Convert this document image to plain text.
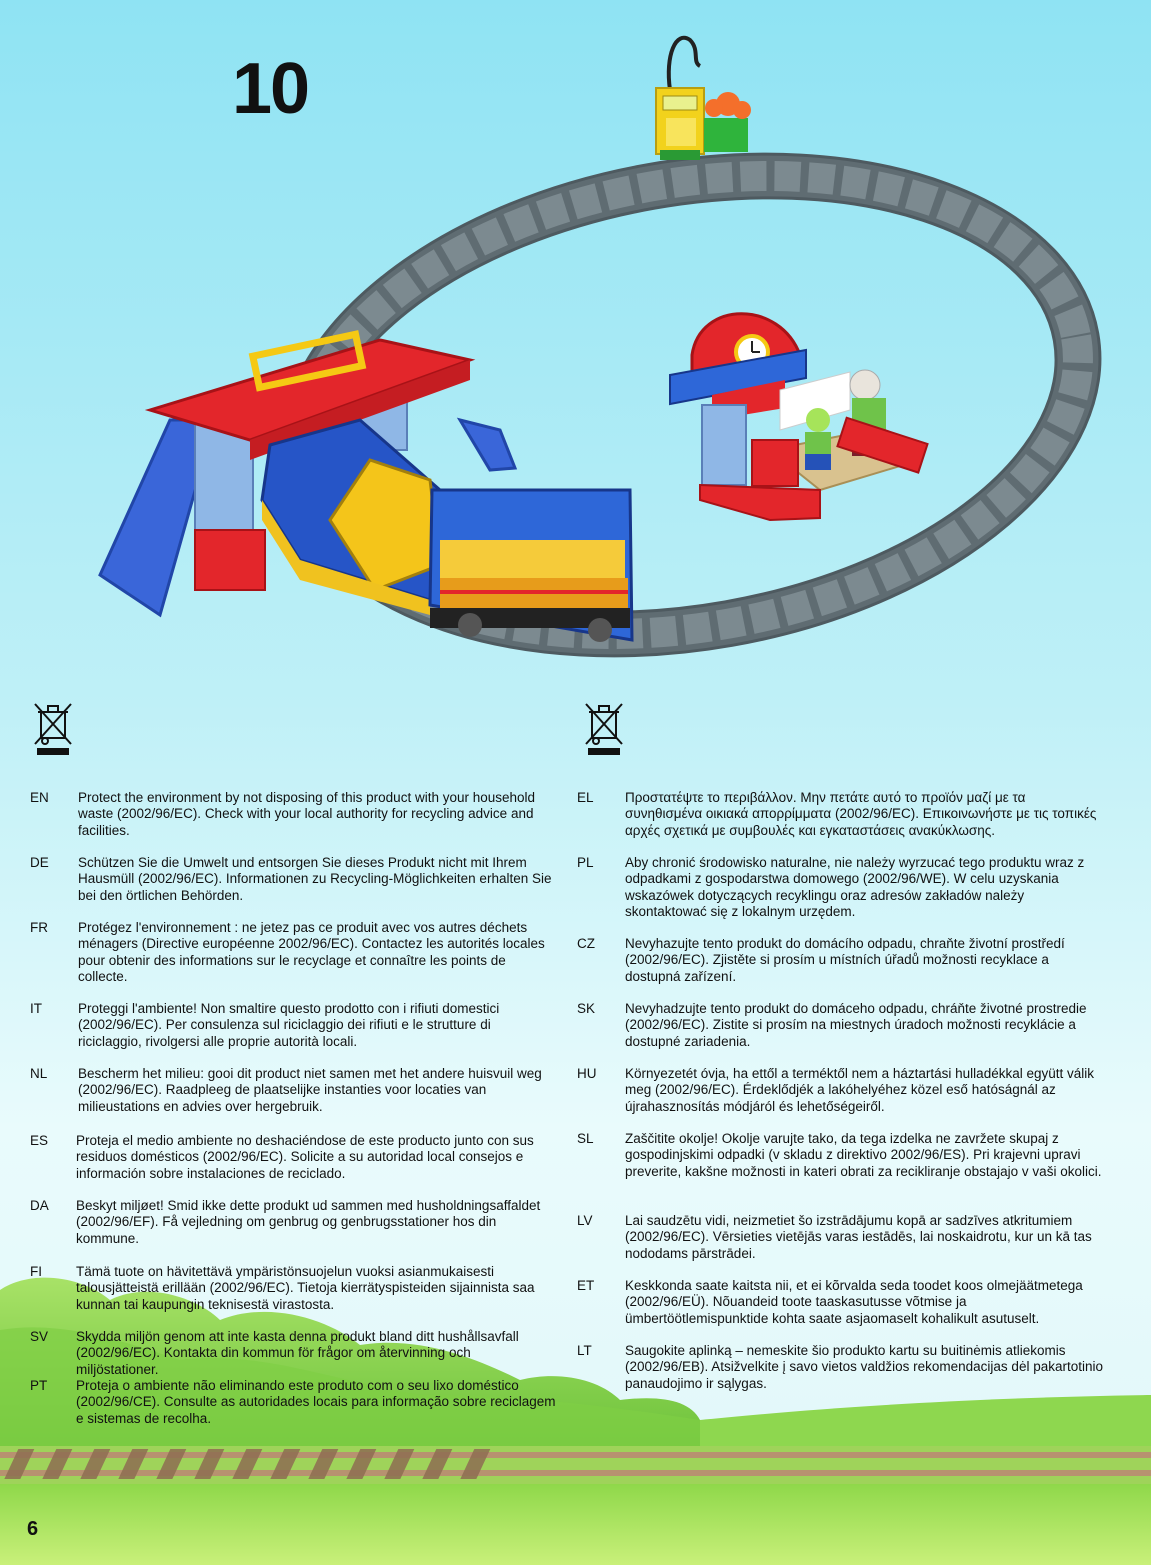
10
EN Protect the environment by not disposing of this product with your household waste (2002/96/EC). Check with your local authority for recycling advice and facilities.
DE Schützen Sie die Umwelt und entsorgen Sie dieses Produkt nicht mit Ihrem Hausmüll (2002/96/EC). Informationen zu Recycling-Möglichkeiten erhalten Sie bei den örtlichen Behörden.
FR Protégez l'environnement : ne jetez pas ce produit avec vos autres déchets ménagers (Directive européenne 2002/96/EC). Contactez les autorités locales pour obtenir des informations sur le recyclage et connaître les points de collecte.
IT	Proteggi l'ambiente! Non smaltire questo prodotto con i rifiuti domestici (2002/96/EC). Per consulenza sul riciclaggio dei rifiuti e le strutture di riciclaggio, rivolgersi alle proprie autorità locali.
NL Bescherm het milieu: gooi dit product niet samen met het andere huisvuil weg (2002/96/EC). Raadpleeg de plaatselijke instanties voor locaties van milieustations en advies over hergebruik.
ES Proteja el medio ambiente no deshaciéndose de este producto junto con sus residuos domésticos (2002/96/EC). Solicite a su autoridad local consejos e información sobre instalaciones de reciclado.
DA Beskyt miljøet! Smid ikke dette produkt ud sammen med husholdningsaffaldet (2002/96/EF). Få vejledning om genbrug og genbrugsstationer hos din kommune.
FI	Tämä tuote on hävitettävä ympäristönsuojelun vuoksi asianmukaisesti talousjätteistä erillään (2002/96/EC). Tietoja kierrätyspisteiden sijainnista saa kunnan tai kaupungin teknisestä virastosta.
SV Skydda miljön genom att inte kasta denna produkt bland ditt hushållsavfall (2002/96/EC). Kontakta din kommun för frågor om återvinning och miljöstationer.
PT Proteja o ambiente não eliminando este produto com o seu lixo doméstico (2002/96/CE). Consulte as autoridades locais para informação sobre reciclagem e sistemas de recolha.
EL Προστατέψτε το περιβάλλον. Μην πετάτε αυτό το προϊόν μαζί με τα συνηθισμένα οικιακά απορρίμματα (2002/96/EC). Επικοινωνήστε με τις τοπικές αρχές σχετικά με συμβουλές και εγκαταστάσεις ανακύκλωσης.
PL Aby chronić środowisko naturalne, nie należy wyrzucać tego produktu wraz z odpadkami z gospodarstwa domowego (2002/96/WE). W celu uzyskania wskazówek dotyczących recyklingu oraz adresów zakładów należy skontaktować się z lokalnym urzędem.
CZ Nevyhazujte tento produkt do domácího odpadu, chraňte životní prostředí (2002/96/EC). Zjistěte si prosím u místních úřadů možnosti recyklace a dostupná zařízení.
SK Nevyhadzujte tento produkt do domáceho odpadu, chráňte životné prostredie (2002/96/EC). Zistite si prosím na miestnych úradoch možnosti recyklácie a dostupné zariadenia.
HU Környezetét óvja, ha ettől a terméktől nem a háztartási hulladékkal együtt válik meg (2002/96/EC). Érdeklődjék a lakóhelyéhez közel eső hatóságnál az újrahasznosítás módjáról és lehetőségeiről.
SL Zaščitite okolje! Okolje varujte tako, da tega izdelka ne zavržete skupaj z gospodinjskimi odpadki (v skladu z direktivo 2002/96/ES). Pri krajevni upravi preverite, kakšne možnosti in kateri obrati za recikliranje obstajajo v vaši okolici.
LV Lai saudzētu vidi, neizmetiet šo izstrādājumu kopā ar sadzīves atkritumiem (2002/96/EC). Vērsieties vietējās varas iestādēs, lai noskaidrotu, kur un kā tas nododams pārstrādei.
ET Keskkonda saate kaitsta nii, et ei kõrvalda seda toodet koos olmejäätmetega (2002/96/EÜ). Nõuandeid toote taaskasutusse võtmise ja ümbertöötlemispunktide kohta saate asjaomaselt kohalikult asutuselt.
LT Saugokite aplinką – nemeskite šio produkto kartu su buitinėmis atliekomis (2002/96/EB). Atsižvelkite į savo vietos valdžios rekomendacijas dėl pakartotinio panaudojimo ir sąlygas.
6
